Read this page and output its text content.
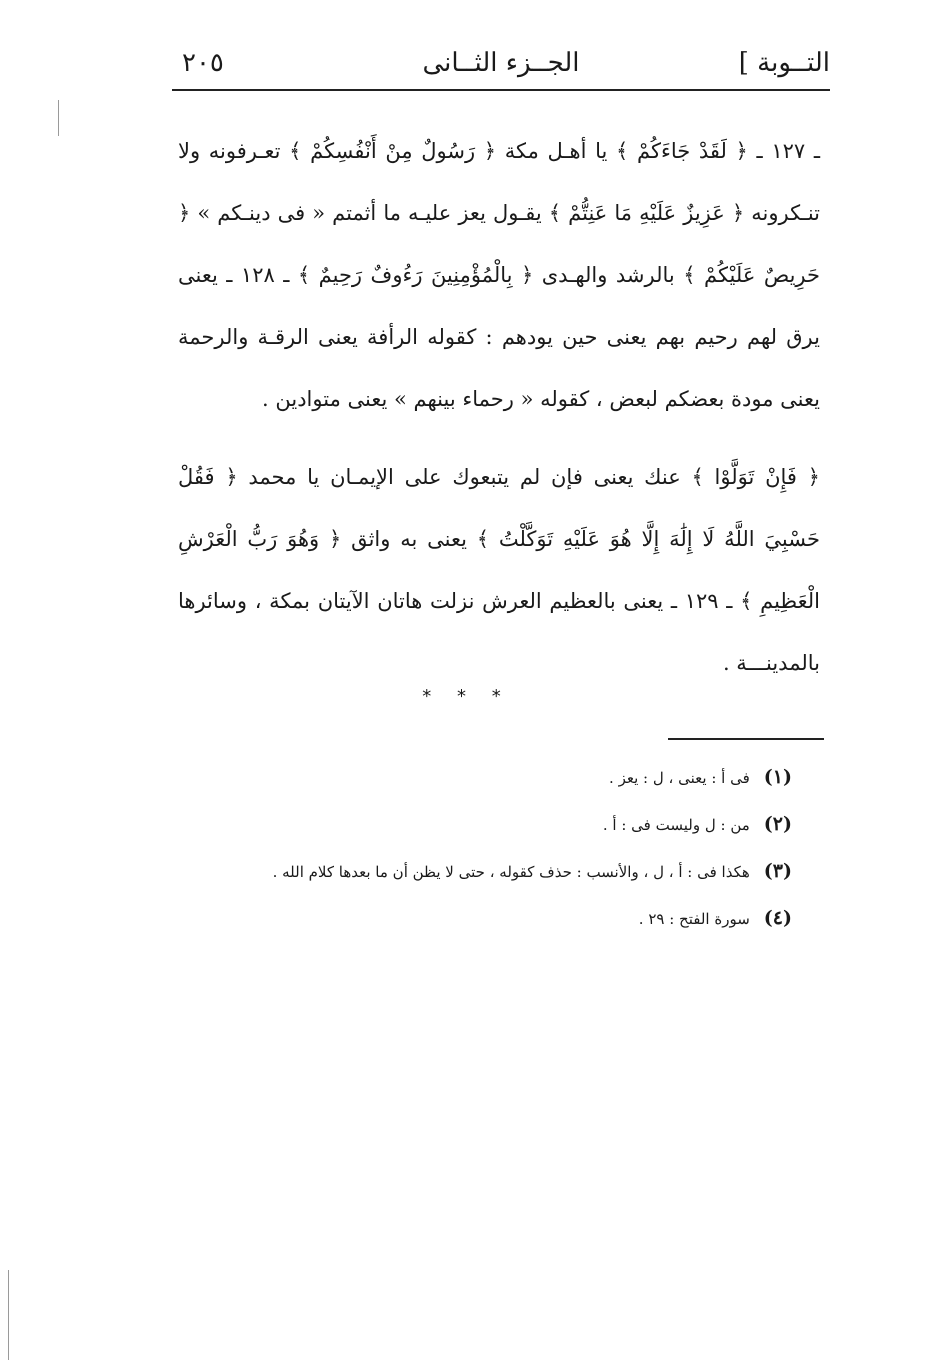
التــوبة ]
الجــزء الثــانى
٢٠٥

ـ ١٢٧ ـ ﴿ لَقَدْ جَاءَكُمْ ﴾ يا أهـل مكة ﴿ رَسُولٌ مِنْ أَنْفُسِكُمْ ﴾ تعـرفونه ولا تنـكرونه ﴿ عَزِيزٌ عَلَيْهِ مَا عَنِتُّمْ ﴾ يقـول يعز عليـه ما أثمتم « فى دينـكم » ﴿ حَرِيصٌ عَلَيْكُمْ ﴾ بالرشد والهـدى ﴿ بِالْمُؤْمِنِينَ رَءُوفٌ رَحِيمٌ ﴾ ـ ١٢٨ ـ يعنى يرق لهم رحيم بهم يعنى حين يودهم : كقوله الرأفة يعنى الرقـة والرحمة يعنى مودة بعضكم لبعض ، كقوله « رحماء بينهم » يعنى متوادين .

﴿ فَإِنْ تَوَلَّوْا ﴾ عنك يعنى فإن لم يتبعوك على الإيمـان يا محمد ﴿ فَقُلْ حَسْبِيَ اللَّهُ لَا إِلَٰهَ إِلَّا هُوَ عَلَيْهِ تَوَكَّلْتُ ﴾ يعنى به واثق ﴿ وَهُوَ رَبُّ الْعَرْشِ الْعَظِيمِ ﴾ ـ ١٢٩ ـ يعنى بالعظيم العرش نزلت هاتان الآيتان بمكة ، وسائرها بالمدينـــة .

* * *
(١)فى أ : يعنى ، ل : يعز .
(٢)من : ل وليست فى : أ .
(٣)هكذا فى : أ ، ل ، والأنسب : حذف كقوله ، حتى لا يظن أن ما بعدها كلام الله .
(٤)سورة الفتح : ٢٩ .
